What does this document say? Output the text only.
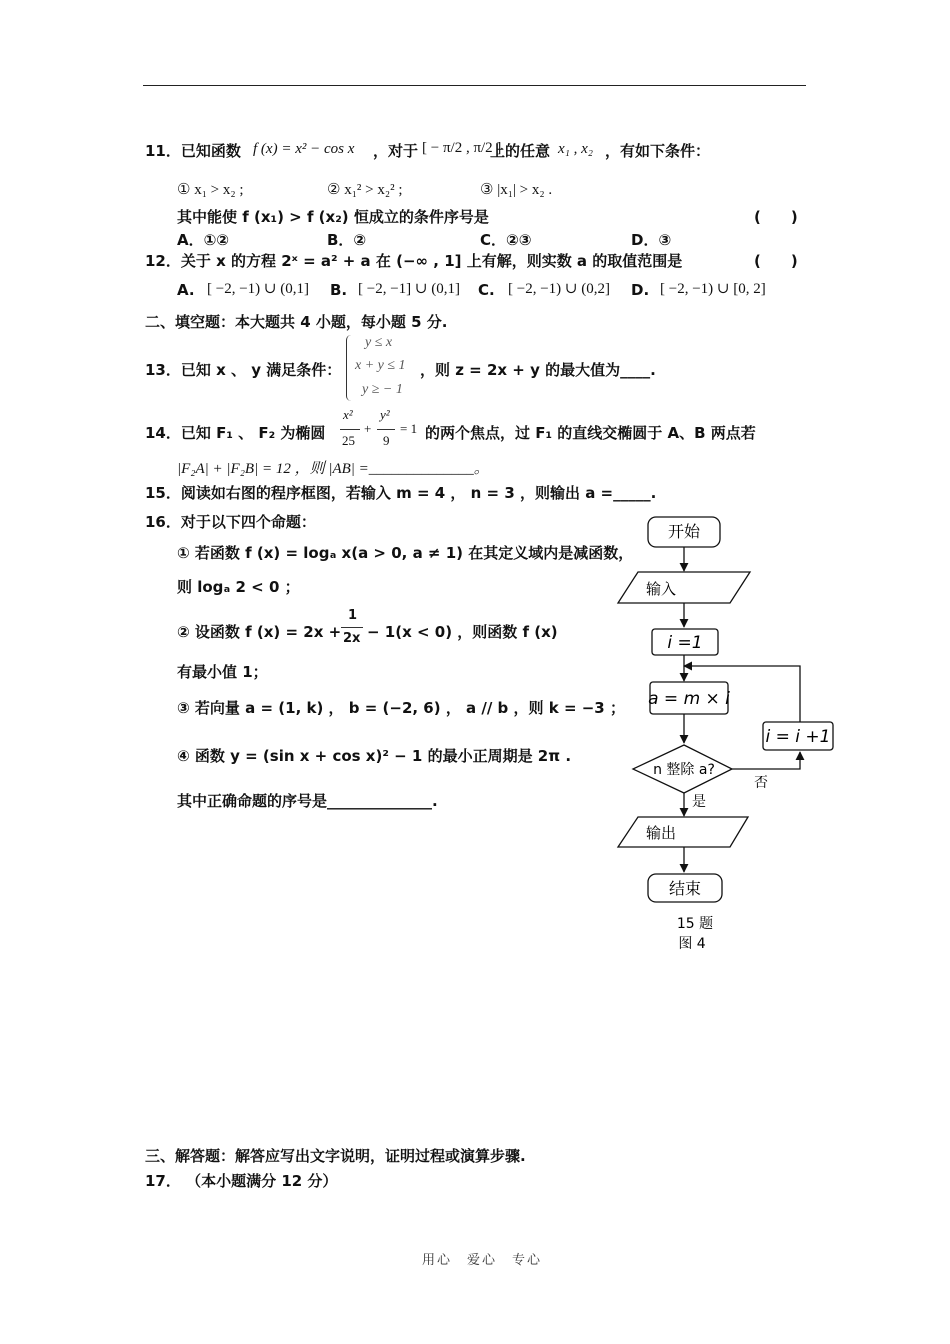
11．已知函数 f (x) = x² − cos x ，对于 [ − π/2 , π/2 ]
上的任意 x₁ , x₂ ，有如下条件：
① x₁ > x₂ ;	② x₁² > x₂² ;	③ |x₁| > x₂ .
其中能使 f (x₁) > f (x₂) 恒成立的条件序号是	(　　)
A．①②	B．②	C．②③	D．③
12．关于 x 的方程 2ˣ = a² + a 在 (−∞ , 1] 上有解，则实数 a 的取值范围是	(　　)
A. [ −2, −1) ∪ (0,1] B. [ −2, −1] ∪ (0,1] C. [ −2, −1) ∪ (0,2] D. [ −2, −1) ∪ [0, 2]
二、填空题：本大题共 4 小题，每小题 5 分.
13．已知 x 、 y 满足条件：
y ≤ x
x + y ≤ 1
y ≥ − 1
，则 z = 2x + y 的最大值为____.
14．已知 F₁ 、 F₂ 为椭圆
x²
25
+
y²
9
= 1 的两个焦点，过 F₁ 的直线交椭圆于 A、B 两点若
|F₂A| + |F₂B| = 12 ，则 |AB| =______________。
15．阅读如右图的程序框图，若输入 m = 4 ， n = 3 ，则输出 a =_____.
16．对于以下四个命题：
① 若函数 f (x) = logₐ x(a > 0, a ≠ 1) 在其定义域内是减函数，
则 logₐ 2 < 0 ；
② 设函数 f (x) = 2x +
1
2x − 1(x < 0) ，则函数 f (x)
有最小值 1；
③ 若向量 a = (1, k) ， b = (−2, 6) ， a // b ，则 k = −3 ；
④ 函数 y = (sin x + cos x)² − 1 的最小正周期是 2π .
其中正确命题的序号是______________.
开始
输入
i =1
a = m × i
n 整除 a?
是
否
i = i +1
输出
结束
15 题
图 4
三、解答题：解答应写出文字说明，证明过程或演算步骤.
17． （本小题满分 12 分）
用心　爱心　专心
